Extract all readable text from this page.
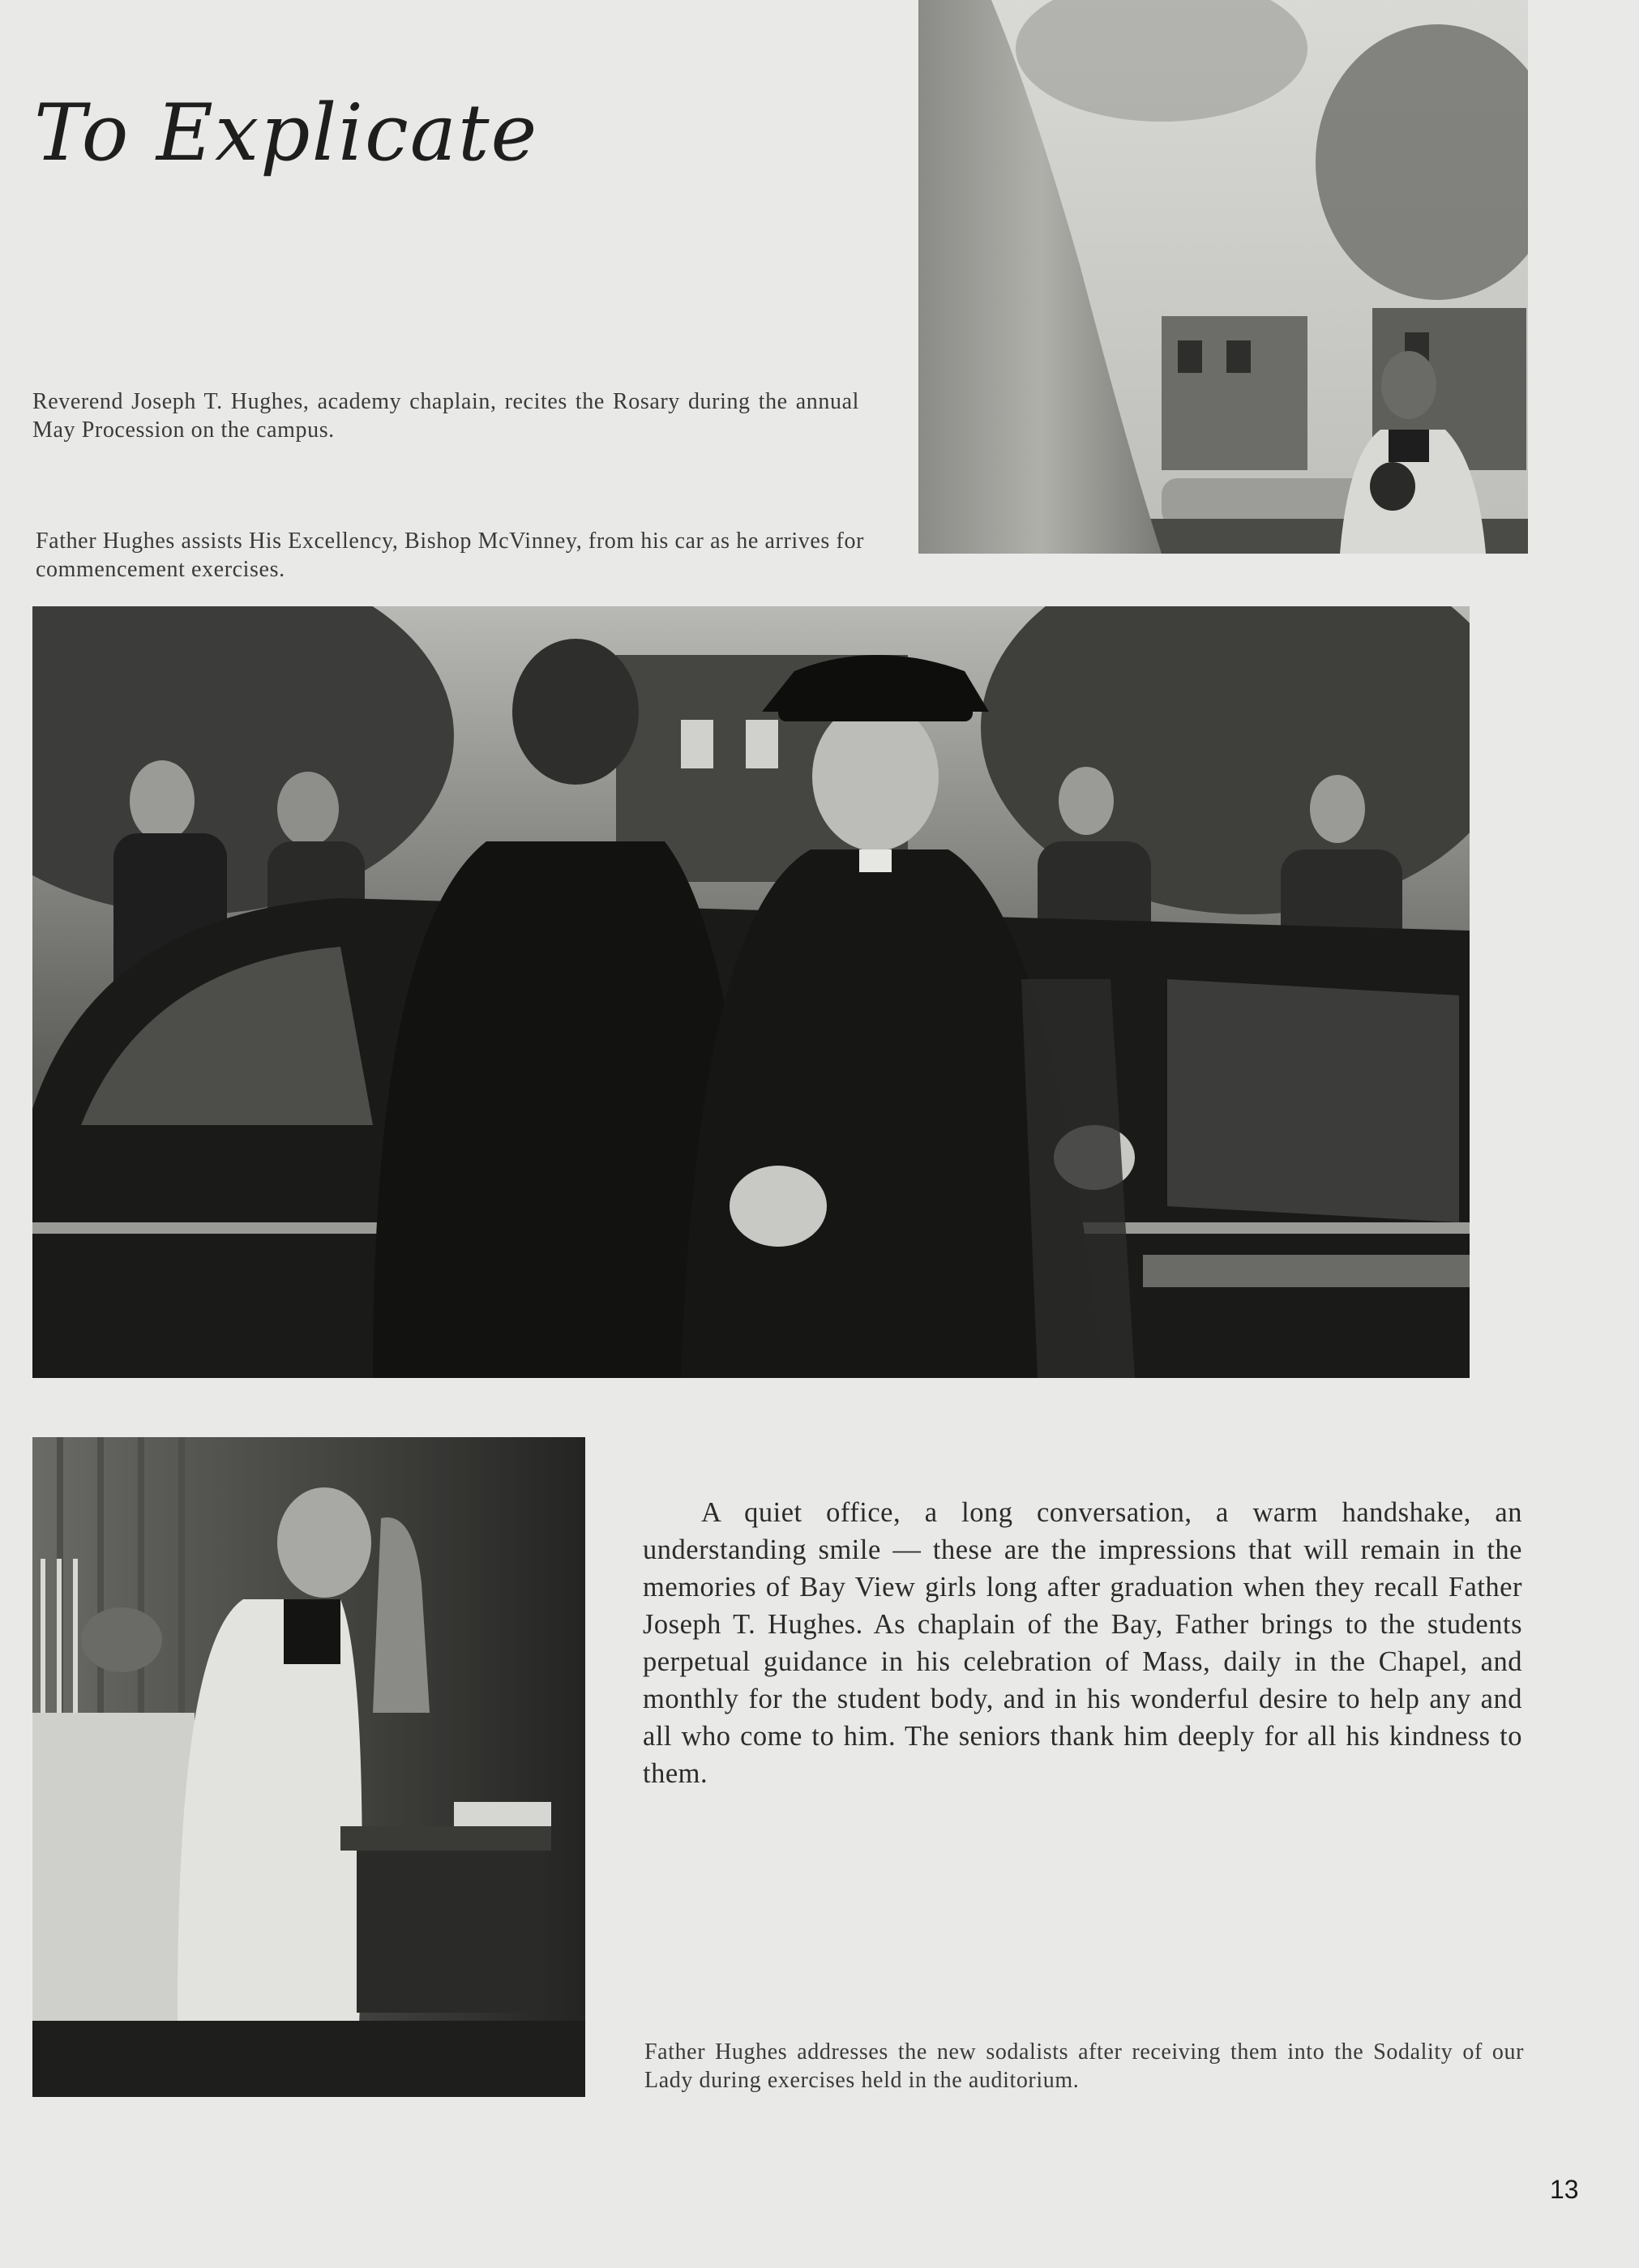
To Explicate
Reverend Joseph T. Hughes, academy chaplain, recites the Rosary during the annual May Procession on the campus.
Father Hughes assists His Excellency, Bishop McVinney, from his car as he arrives for commencement exercises.

A quiet office, a long conversation, a warm handshake, an understanding smile — these are the impressions that will remain in the memories of Bay View girls long after graduation when they recall Father Joseph T. Hughes. As chaplain of the Bay, Father brings to the students perpetual guidance in his celebration of Mass, daily in the Chapel, and monthly for the student body, and in his wonderful desire to help any and all who come to him. The seniors thank him deeply for all his kindness to them.

Father Hughes addresses the new sodalists after receiving them into the Sodality of our Lady during exercises held in the auditorium.
13
